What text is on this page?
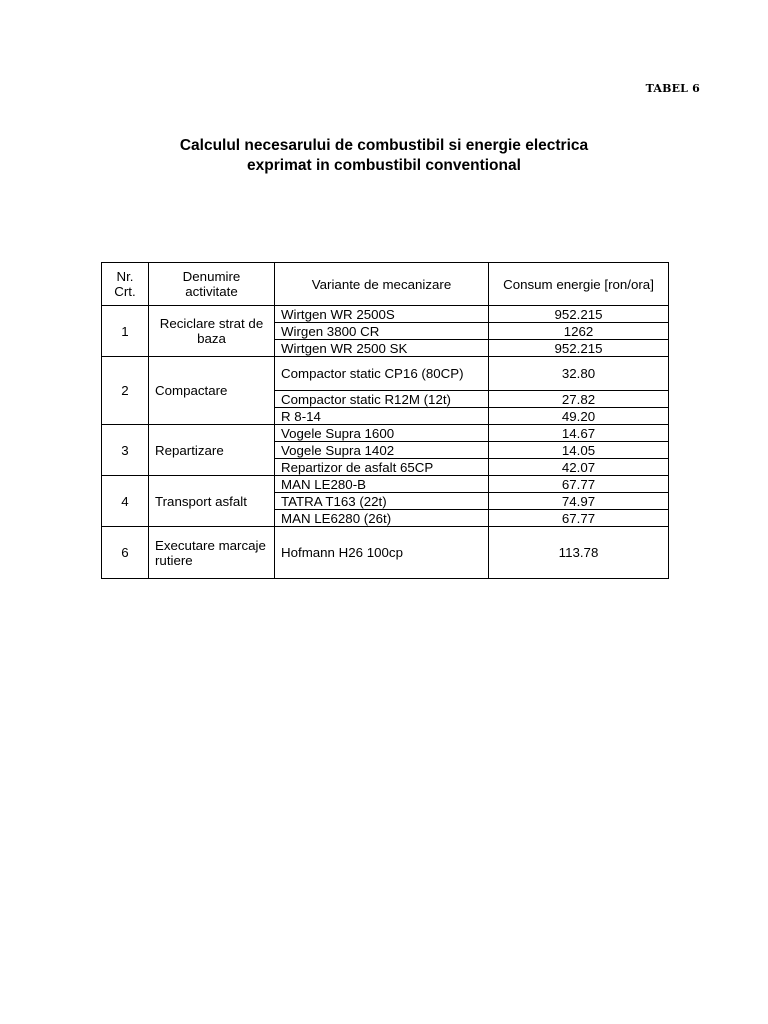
TABEL 6
Calculul necesarului de combustibil si energie electrica
exprimat in combustibil conventional
Nr. Crt.	Denumire activitate	Variante de mecanizare	Consum energie [ron/ora]
1	Reciclare strat de baza	Wirtgen WR 2500S	952.215
		Wirgen 3800 CR	1262
		Wirtgen WR 2500 SK	952.215
2	Compactare	Compactor static CP16 (80CP)	32.80
		Compactor static R12M (12t)	27.82
		R 8-14	49.20
3	Repartizare	Vogele Supra 1600	14.67
		Vogele Supra 1402	14.05
		Repartizor de asfalt 65CP	42.07
4	Transport asfalt	MAN LE280-B	67.77
		TATRA T163 (22t)	74.97
		MAN LE6280 (26t)	67.77
6	Executare marcaje rutiere	Hofmann H26 100cp	113.78
